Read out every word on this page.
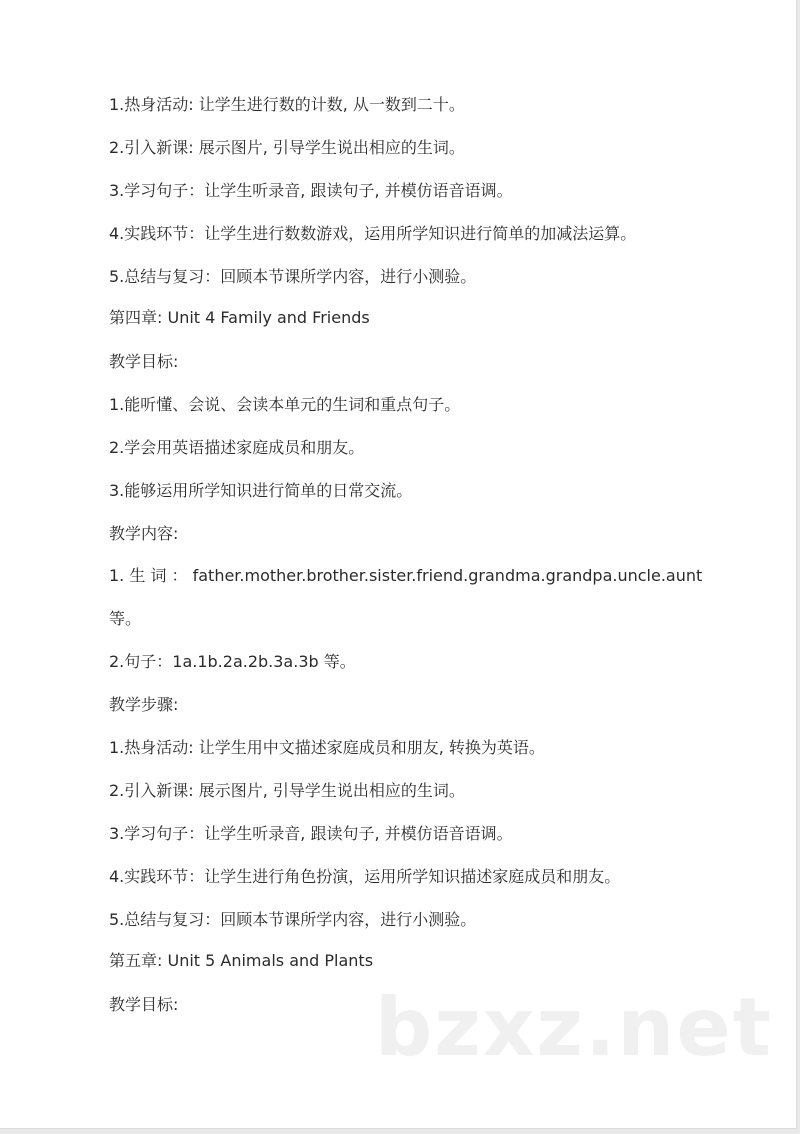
1.热身活动: 让学生进行数的计数, 从一数到二十。
2.引入新课: 展示图片, 引导学生说出相应的生词。
3.学习句子：让学生听录音, 跟读句子, 并模仿语音语调。
4.实践环节：让学生进行数数游戏，运用所学知识进行简单的加减法运算。
5.总结与复习：回顾本节课所学内容，进行小测验。
第四章: Unit 4 Family and Friends
教学目标:
1.能听懂、会说、会读本单元的生词和重点句子。
2.学会用英语描述家庭成员和朋友。
3.能够运用所学知识进行简单的日常交流。
教学内容:
1. 生 词 ： father.mother.brother.sister.friend.grandma.grandpa.uncle.aunt
等。
2.句子：1a.1b.2a.2b.3a.3b 等。
教学步骤:
1.热身活动: 让学生用中文描述家庭成员和朋友, 转换为英语。
2.引入新课: 展示图片, 引导学生说出相应的生词。
3.学习句子：让学生听录音, 跟读句子, 并模仿语音语调。
4.实践环节：让学生进行角色扮演，运用所学知识描述家庭成员和朋友。
5.总结与复习：回顾本节课所学内容，进行小测验。
第五章: Unit 5 Animals and Plants
教学目标: bzxz.net
